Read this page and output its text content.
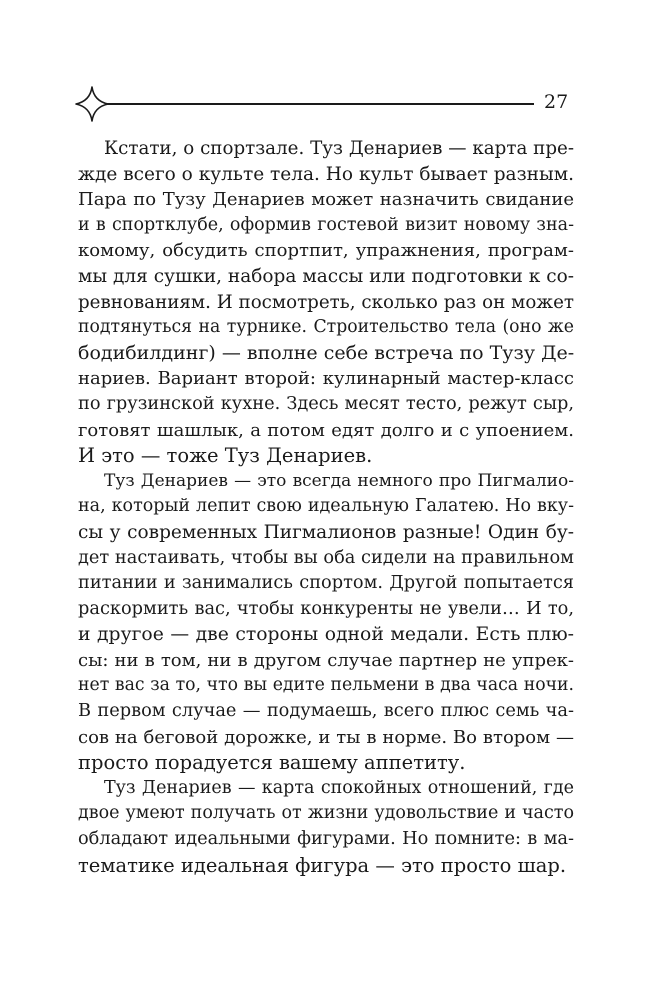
27
Кстати, о спортзале. Туз Денариев — карта пре-
жде всего о культе тела. Но культ бывает разным.
Пара по Тузу Денариев может назначить свидание
и в спортклубе, оформив гостевой визит новому зна-
комому, обсудить спортпит, упражнения, програм-
мы для сушки, набора массы или подготовки к со-
ревнованиям. И посмотреть, сколько раз он может
подтянуться на турнике. Строительство тела (оно же
бодибилдинг) — вполне себе встреча по Тузу Де-
нариев. Вариант второй: кулинарный мастер-класс
по грузинской кухне. Здесь месят тесто, режут сыр,
готовят шашлык, а потом едят долго и с упоением.
И это — тоже Туз Денариев.
Туз Денариев — это всегда немного про Пигмалио-
на, который лепит свою идеальную Галатею. Но вку-
сы у современных Пигмалионов разные! Один бу-
дет настаивать, чтобы вы оба сидели на правильном
питании и занимались спортом. Другой попытается
раскормить вас, чтобы конкуренты не увели… И то,
и другое — две стороны одной медали. Есть плю-
сы: ни в том, ни в другом случае партнер не упрек-
нет вас за то, что вы едите пельмени в два часа ночи.
В первом случае — подумаешь, всего плюс семь ча-
сов на беговой дорожке, и ты в норме. Во втором —
просто порадуется вашему аппетиту.
Туз Денариев — карта спокойных отношений, где
двое умеют получать от жизни удовольствие и часто
обладают идеальными фигурами. Но помните: в ма-
тематике идеальная фигура — это просто шар.
